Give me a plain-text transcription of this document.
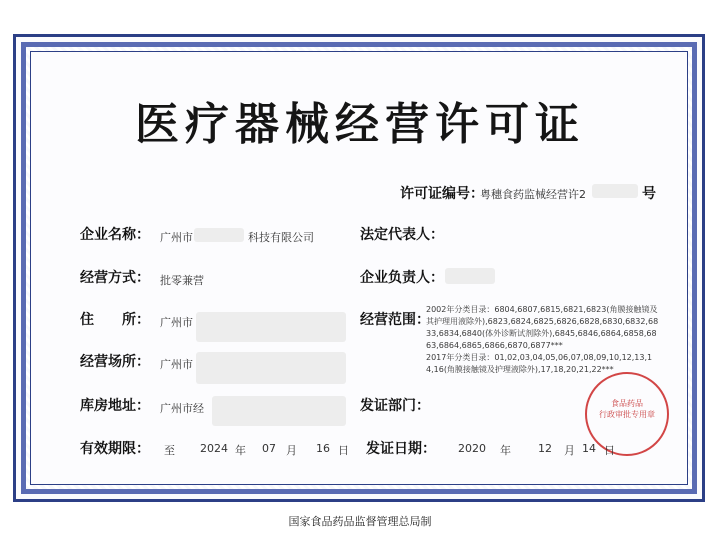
医疗器械经营许可证
许可证编号：
粤穗食药监械经营许2	号
企业名称： 广州市	科技有限公司	法定代表人：
经营方式： 批零兼营	企业负责人：
住　　所： 广州市	经营范围：
2002年分类目录：6804,6807,6815,6821,6823(角膜接触镜及
其护理用液除外),6823,6824,6825,6826,6828,6830,6832,68
33,6834,6840(体外诊断试剂除外),6845,6846,6864,6858,68
63,6864,6865,6866,6870,6877***
2017年分类目录：01,02,03,04,05,06,07,08,09,10,12,13,1
4,16(角膜接触镜及护理液除外),17,18,20,21,22***
经营场所： 广州市
库房地址： 广州市经	发证部门：	食品药品
行政审批专用章
有效期限： 至 2024 年 07 月 16 日 发证日期： 2020 年 12 月 14 日
国家食品药品监督管理总局制
